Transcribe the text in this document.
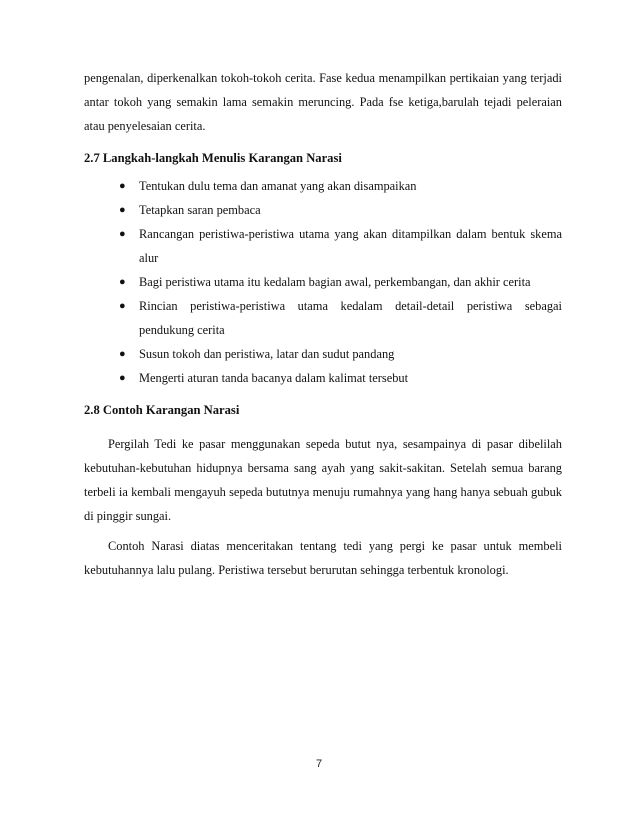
pengenalan, diperkenalkan tokoh-tokoh cerita. Fase kedua menampilkan pertikaian yang terjadi antar tokoh yang semakin lama semakin meruncing. Pada fse ketiga,barulah tejadi peleraian atau penyelesaian cerita.

2.7 Langkah-langkah Menulis Karangan Narasi
● Tentukan dulu tema dan amanat yang akan disampaikan
● Tetapkan saran pembaca
● Rancangan peristiwa-peristiwa utama yang akan ditampilkan dalam bentuk skema alur
● Bagi peristiwa utama itu kedalam bagian awal, perkembangan, dan akhir cerita
● Rincian peristiwa-peristiwa utama kedalam detail-detail peristiwa sebagai pendukung cerita
● Susun tokoh dan peristiwa, latar dan sudut pandang
● Mengerti aturan tanda bacanya dalam kalimat tersebut
2.8 Contoh Karangan Narasi

Pergilah Tedi ke pasar menggunakan sepeda butut nya, sesampainya di pasar dibelilah kebutuhan-kebutuhan hidupnya bersama sang ayah yang sakit-sakitan. Setelah semua barang terbeli ia kembali mengayuh sepeda bututnya menuju rumahnya yang hang hanya sebuah gubuk di pinggir sungai.

Contoh Narasi diatas menceritakan tentang tedi yang pergi ke pasar untuk membeli kebutuhannya lalu pulang. Peristiwa tersebut berurutan sehingga terbentuk kronologi.

7
